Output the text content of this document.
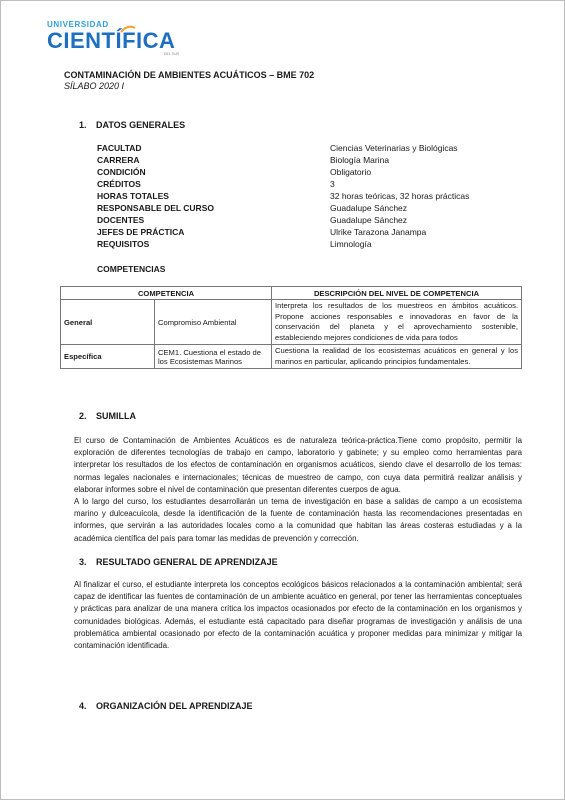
UNIVERSIDAD
CIENTÍFICA
DEL SUR
CONTAMINACIÓN DE AMBIENTES ACUÁTICOS – BME 702
SÍLABO 2020 I
1. DATOS GENERALES
FACULTAD	Ciencias Veterinarias y Biológicas
CARRERA	Biología Marina
CONDICIÓN	Obligatorio
CRÉDITOS	3
HORAS TOTALES	32 horas teóricas, 32 horas prácticas
RESPONSABLE DEL CURSO	Guadalupe Sánchez
DOCENTES	Guadalupe Sánchez
JEFES DE PRÁCTICA	Ulrike Tarazona Janampa
REQUISITOS	Limnología
COMPETENCIAS
COMPETENCIA		DESCRIPCIÓN DEL NIVEL DE COMPETENCIA
General	Compromiso Ambiental	Interpreta los resultados de los muestreos en ámbitos acuáticos. Propone acciones responsables e innovadoras en favor de la conservación del planeta y el aprovechamiento sostenible, estableciendo mejores condiciones de vida para todos
Específica	CEM1. Cuestiona el estado de los Ecosistemas Marinos	Cuestiona la realidad de los ecosistemas acuáticos en general y los marinos en particular, aplicando principios fundamentales.
2. SUMILLA
El curso de Contaminación de Ambientes Acuáticos es de naturaleza teórica-práctica.Tiene como propósito, permitir la exploración de diferentes tecnologías de trabajo en campo, laboratorio y gabinete; y su empleo como herramientas para interpretar los resultados de los efectos de contaminación en organismos acuáticos, siendo clave el desarrollo de los temas: normas legales nacionales e internacionales; técnicas de muestreo de campo, con cuya data permitirá realizar análisis y elaborar informes sobre el nivel de contaminación que presentan diferentes cuerpos de agua.
A lo largo del curso, los estudiantes desarrollarán un tema de investigación en base a salidas de campo a un ecosistema marino y dulceacuícola, desde la identificación de la fuente de contaminación hasta las recomendaciones presentadas en informes, que servirán a las autoridades locales como a la comunidad que habitan las áreas costeras estudiadas y a la académica científica del país para tomar las medidas de prevención y corrección.
3. RESULTADO GENERAL DE APRENDIZAJE
Al finalizar el curso, el estudiante interpreta los conceptos ecológicos básicos relacionados a la contaminación ambiental; será capaz de identificar las fuentes de contaminación de un ambiente acuático en general, por tener las herramientas conceptuales y prácticas para analizar de una manera crítica los impactos ocasionados por efecto de la contaminación en los organismos y comunidades biológicas. Además, el estudiante está capacitado para diseñar programas de investigación y análisis de una problemática ambiental ocasionado por efecto de la contaminación acuática y proponer medidas para minimizar y mitigar la contaminación identificada.
4. ORGANIZACIÓN DEL APRENDIZAJE
